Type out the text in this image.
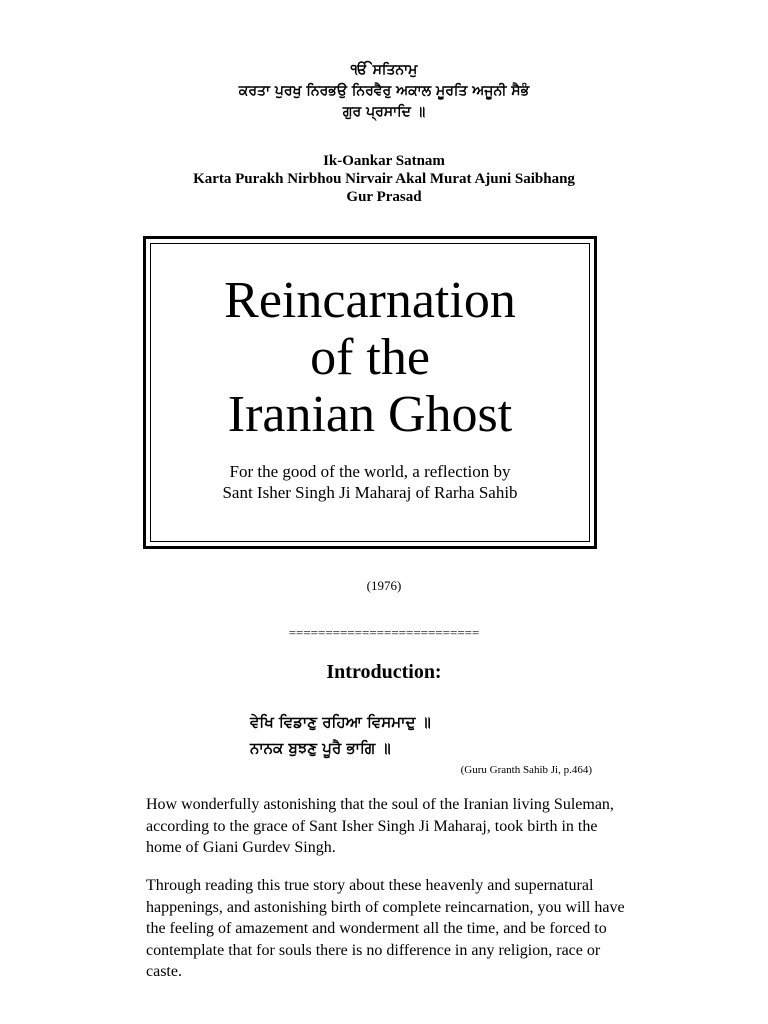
ੴ ਸਤਿਨਾਮੁ
ਕਰਤਾ ਪੁਰਖੁ ਨਿਰਭਉ ਨਿਰਵੈਰੁ ਅਕਾਲ ਮੂਰਤਿ ਅਜੂਨੀ ਸੈਭੰ
ਗੁਰ ਪ੍ਰਸਾਦਿ ॥
Ik-Oankar Satnam
Karta Purakh Nirbhou Nirvair Akal Murat Ajuni Saibhang
Gur Prasad
Reincarnation
of the
Iranian Ghost
For the good of the world, a reflection by
Sant Isher Singh Ji Maharaj of Rarha Sahib
(1976)
==========================
Introduction:
ਵੇਖਿ ਵਿਡਾਣੁ ਰਹਿਆ ਵਿਸਮਾਦੁ ॥
ਨਾਨਕ ਬੁਝਣੁ ਪੂਰੈ ਭਾਗਿ ॥
(Guru Granth Sahib Ji, p.464)

How wonderfully astonishing that the soul of the Iranian living Suleman, according to the grace of Sant Isher Singh Ji Maharaj, took birth in the home of Giani Gurdev Singh.

Through reading this true story about these heavenly and supernatural happenings, and astonishing birth of complete reincarnation, you will have the feeling of amazement and wonderment all the time, and be forced to contemplate that for souls there is no difference in any religion, race or caste.
